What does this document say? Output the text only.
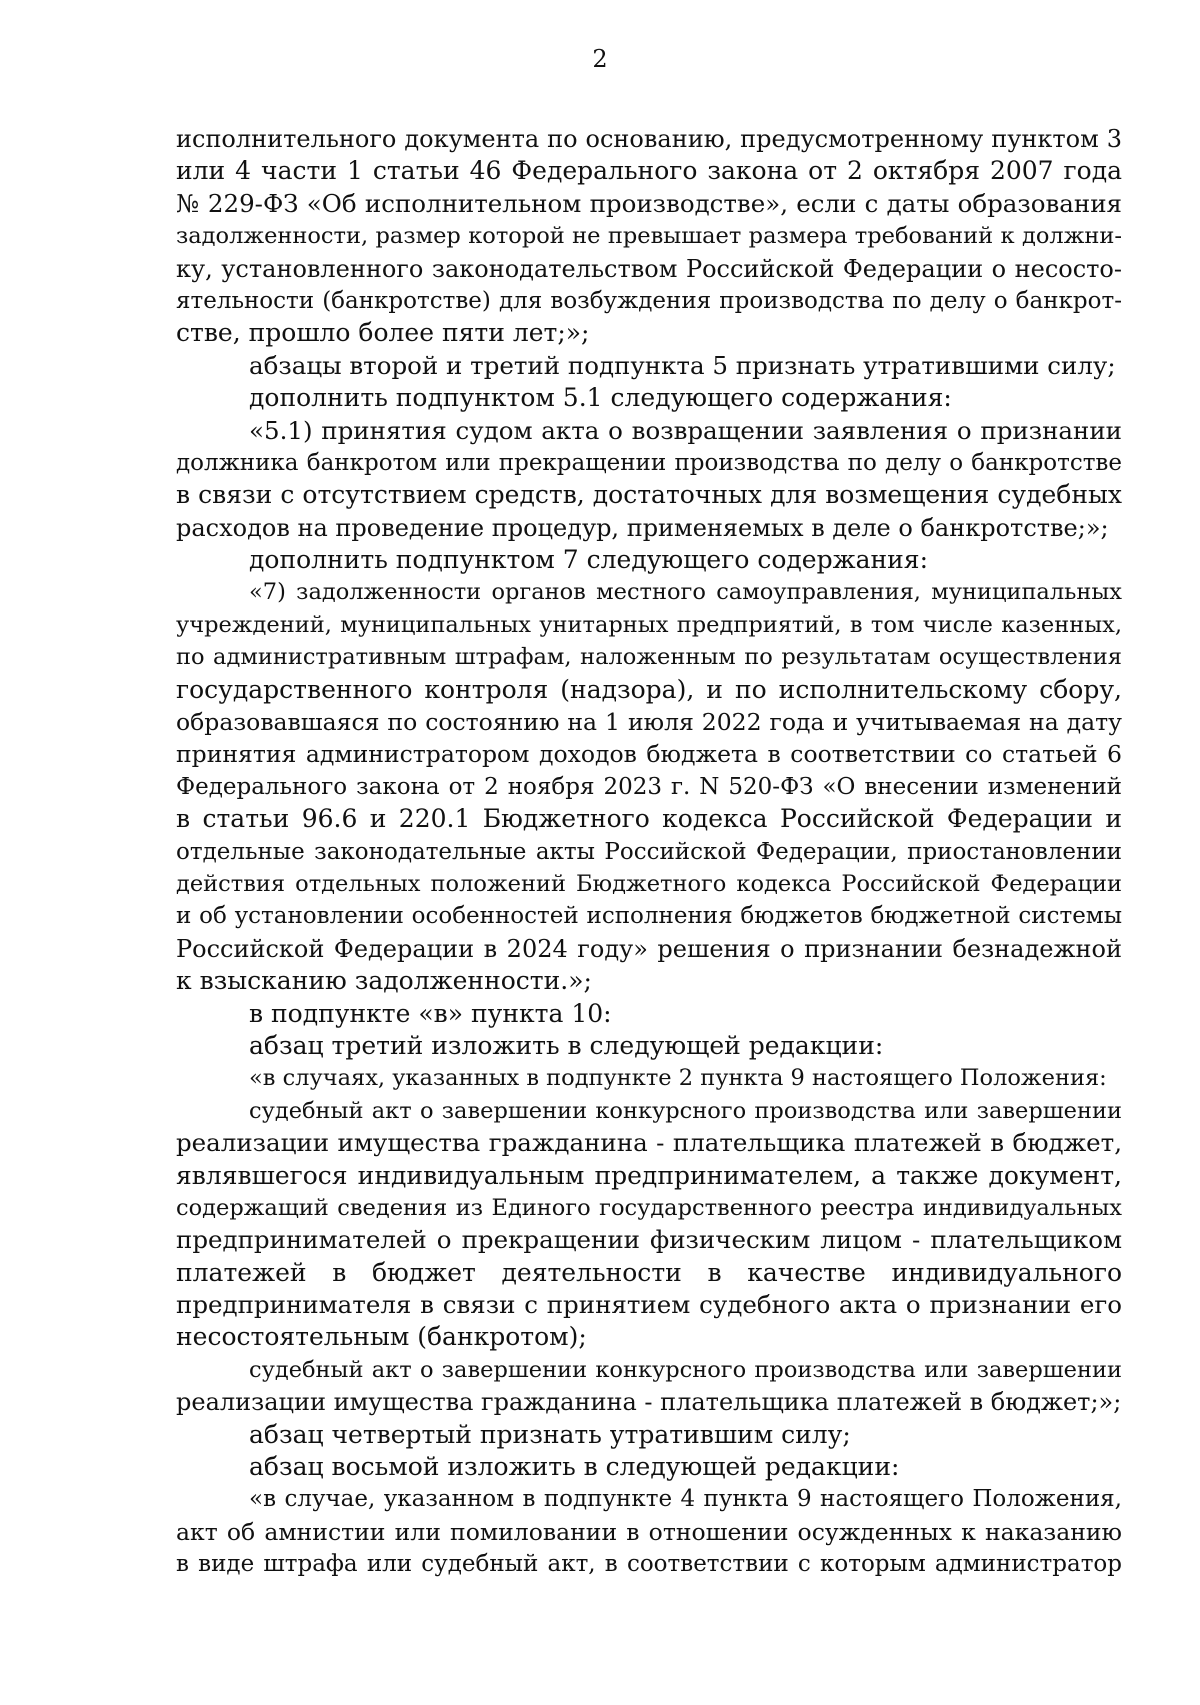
2
исполнительного документа по основанию, предусмотренному пунктом 3
или 4 части 1 статьи 46 Федерального закона от 2 октября 2007 года
№ 229-ФЗ «Об исполнительном производстве», если с даты образования
задолженности, размер которой не превышает размера требований к должни-
ку, установленного законодательством Российской Федерации о несосто-
ятельности (банкротстве) для возбуждения производства по делу о банкрот-
стве, прошло более пяти лет;»;
абзацы второй и третий подпункта 5 признать утратившими силу;
дополнить подпунктом 5.1 следующего содержания:
«5.1) принятия судом акта о возвращении заявления о признании
должника банкротом или прекращении производства по делу о банкротстве
в связи с отсутствием средств, достаточных для возмещения судебных
расходов на проведение процедур, применяемых в деле о банкротстве;»;
дополнить подпунктом 7 следующего содержания:
«7) задолженности органов местного самоуправления, муниципальных
учреждений, муниципальных унитарных предприятий, в том числе казенных,
по административным штрафам, наложенным по результатам осуществления
государственного контроля (надзора), и по исполнительскому сбору,
образовавшаяся по состоянию на 1 июля 2022 года и учитываемая на дату
принятия администратором доходов бюджета в соответствии со статьей 6
Федерального закона от 2 ноября 2023 г. N 520-ФЗ «О внесении изменений
в статьи 96.6 и 220.1 Бюджетного кодекса Российской Федерации и
отдельные законодательные акты Российской Федерации, приостановлении
действия отдельных положений Бюджетного кодекса Российской Федерации
и об установлении особенностей исполнения бюджетов бюджетной системы
Российской Федерации в 2024 году» решения о признании безнадежной
к взысканию задолженности.»;
в подпункте «в» пункта 10:
абзац третий изложить в следующей редакции:
«в случаях, указанных в подпункте 2 пункта 9 настоящего Положения:
судебный акт о завершении конкурсного производства или завершении
реализации имущества гражданина - плательщика платежей в бюджет,
являвшегося индивидуальным предпринимателем, а также документ,
содержащий сведения из Единого государственного реестра индивидуальных
предпринимателей о прекращении физическим лицом - плательщиком
платежей в бюджет деятельности в качестве индивидуального
предпринимателя в связи с принятием судебного акта о признании его
несостоятельным (банкротом);
судебный акт о завершении конкурсного производства или завершении
реализации имущества гражданина - плательщика платежей в бюджет;»;
абзац четвертый признать утратившим силу;
абзац восьмой изложить в следующей редакции:
«в случае, указанном в подпункте 4 пункта 9 настоящего Положения,
акт об амнистии или помиловании в отношении осужденных к наказанию
в виде штрафа или судебный акт, в соответствии с которым администратор
